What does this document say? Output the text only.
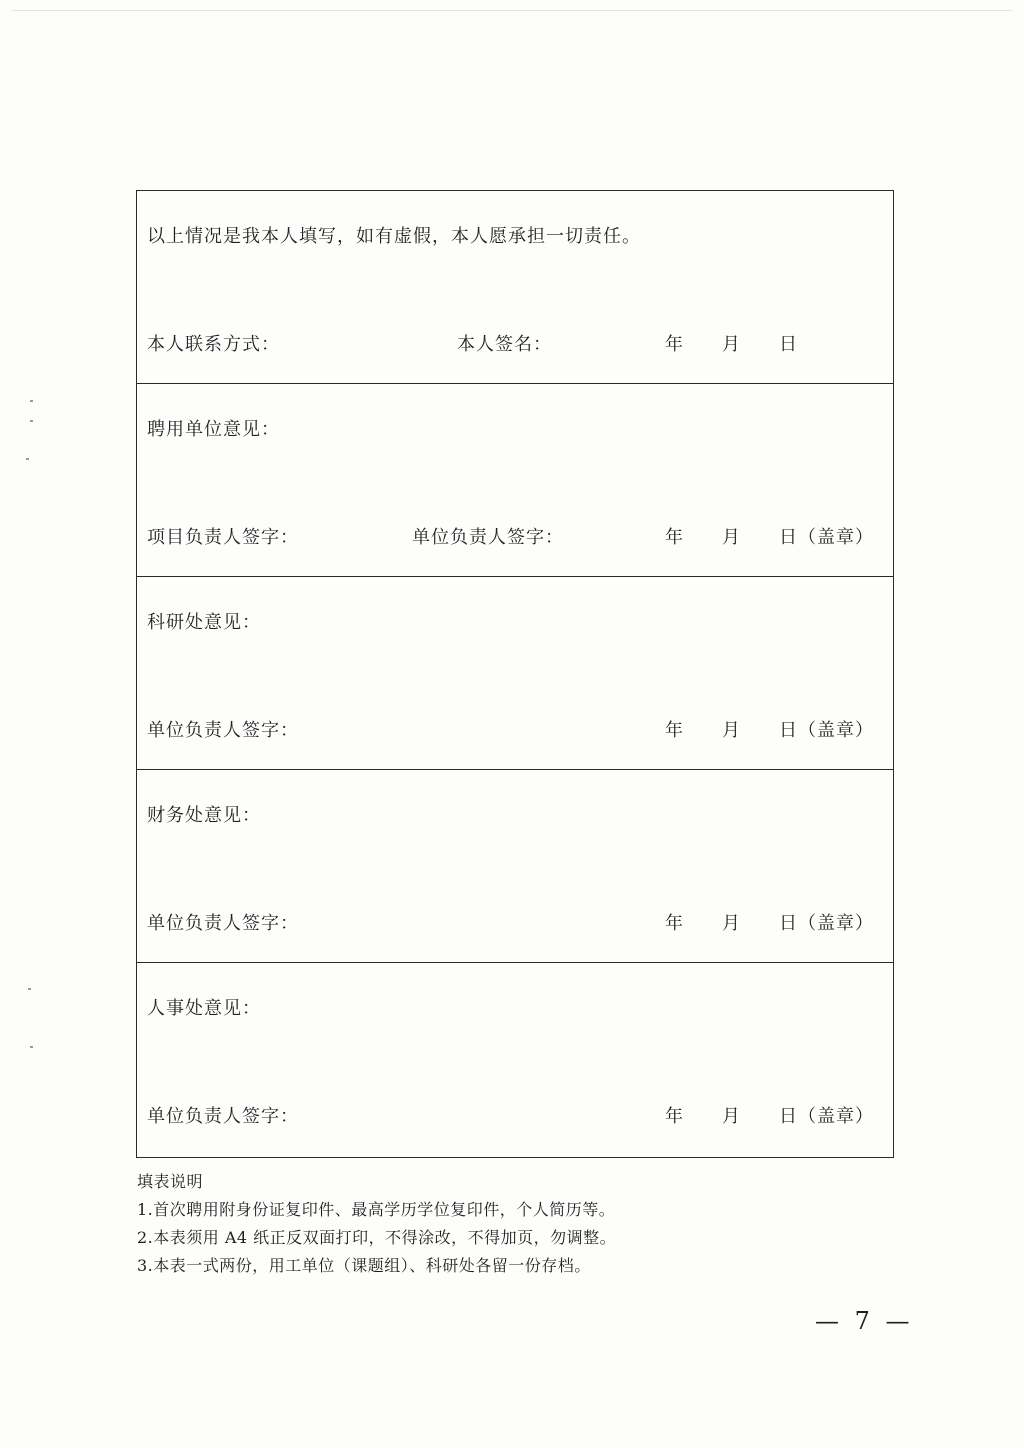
以上情况是我本人填写，如有虚假，本人愿承担一切责任。
本人联系方式：	本人签名：	年 月 日
聘用单位意见：
项目负责人签字：	单位负责人签字：	年 月 日（盖章）
科研处意见：
单位负责人签字：	年 月 日（盖章）
财务处意见：
单位负责人签字：	年 月 日（盖章）
人事处意见：
单位负责人签字：	年 月 日（盖章）
填表说明
1.首次聘用附身份证复印件、最高学历学位复印件，个人简历等。
2.本表须用 A4 纸正反双面打印，不得涂改，不得加页，勿调整。
3.本表一式两份，用工单位（课题组）、科研处各留一份存档。
— 7 —
